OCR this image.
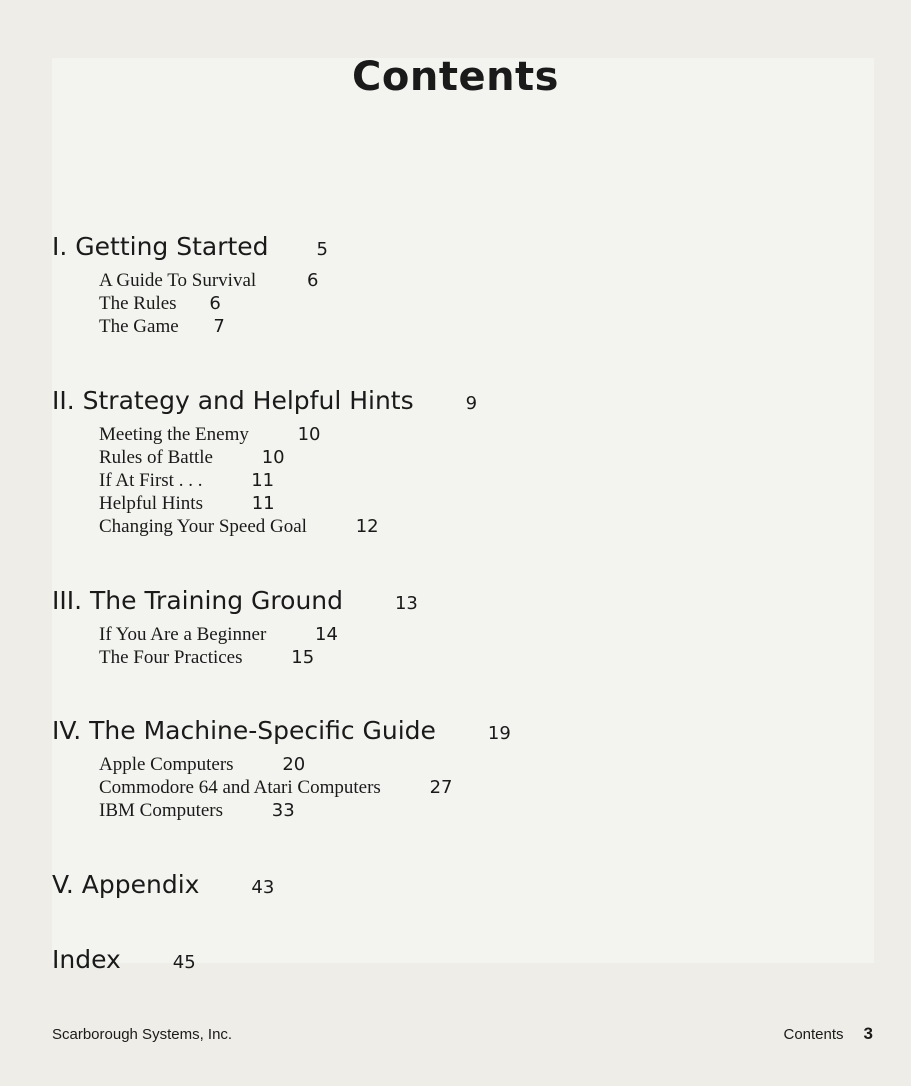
Contents
I. Getting Started	5
A Guide To Survival	6
The Rules 6
The Game 7
II. Strategy and Helpful Hints	9
Meeting the Enemy	10
Rules of Battle	10
If At First . . .	11
Helpful Hints	11
Changing Your Speed Goal	12
III. The Training Ground	13
If You Are a Beginner	14
The Four Practices	15
IV. The Machine-Specific Guide	19
Apple Computers	20
Commodore 64 and Atari Computers	27
IBM Computers	33
V. Appendix	43
Index	45
Scarborough Systems, Inc.	Contents 3
